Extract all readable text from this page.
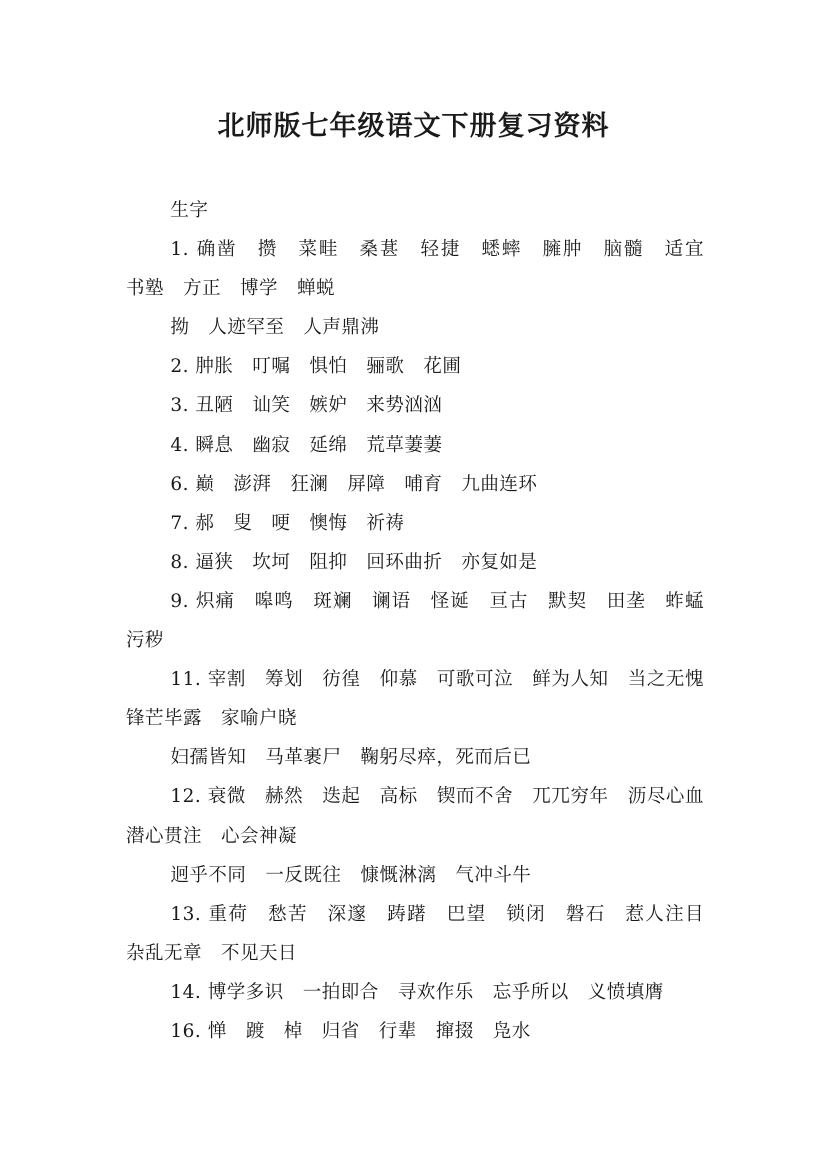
北师版七年级语文下册复习资料

生字

1. 确凿　攒　菜畦　桑葚　轻捷　蟋蟀　臃肿　脑髓　适宜　书塾　方正　博学　蝉蜕

拗　人迹罕至　人声鼎沸

2. 肿胀　叮嘱　惧怕　骊歌　花圃

3. 丑陋　讪笑　嫉妒　来势汹汹

4. 瞬息　幽寂　延绵　荒草萋萋

6. 巅　澎湃　狂澜　屏障　哺育　九曲连环

7. 郝　叟　哽　懊悔　祈祷

8. 逼狭　坎坷　阻抑　回环曲折　亦复如是

9. 炽痛　嗥鸣　斑斓　谰语　怪诞　亘古　默契　田垄　蚱蜢　污秽

11. 宰割　筹划　彷徨　仰慕　可歌可泣　鲜为人知　当之无愧　锋芒毕露　家喻户晓

妇孺皆知　马革裹尸　鞠躬尽瘁，死而后已

12. 衰微　赫然　迭起　高标　锲而不舍　兀兀穷年　沥尽心血　潜心贯注　心会神凝

迥乎不同　一反既往　慷慨淋漓　气冲斗牛

13. 重荷　愁苦　深邃　踌躇　巴望　锁闭　磐石　惹人注目　杂乱无章　不见天日

14. 博学多识　一拍即合　寻欢作乐　忘乎所以　义愤填膺

16. 惮　踱　棹　归省　行辈　撺掇　凫水
